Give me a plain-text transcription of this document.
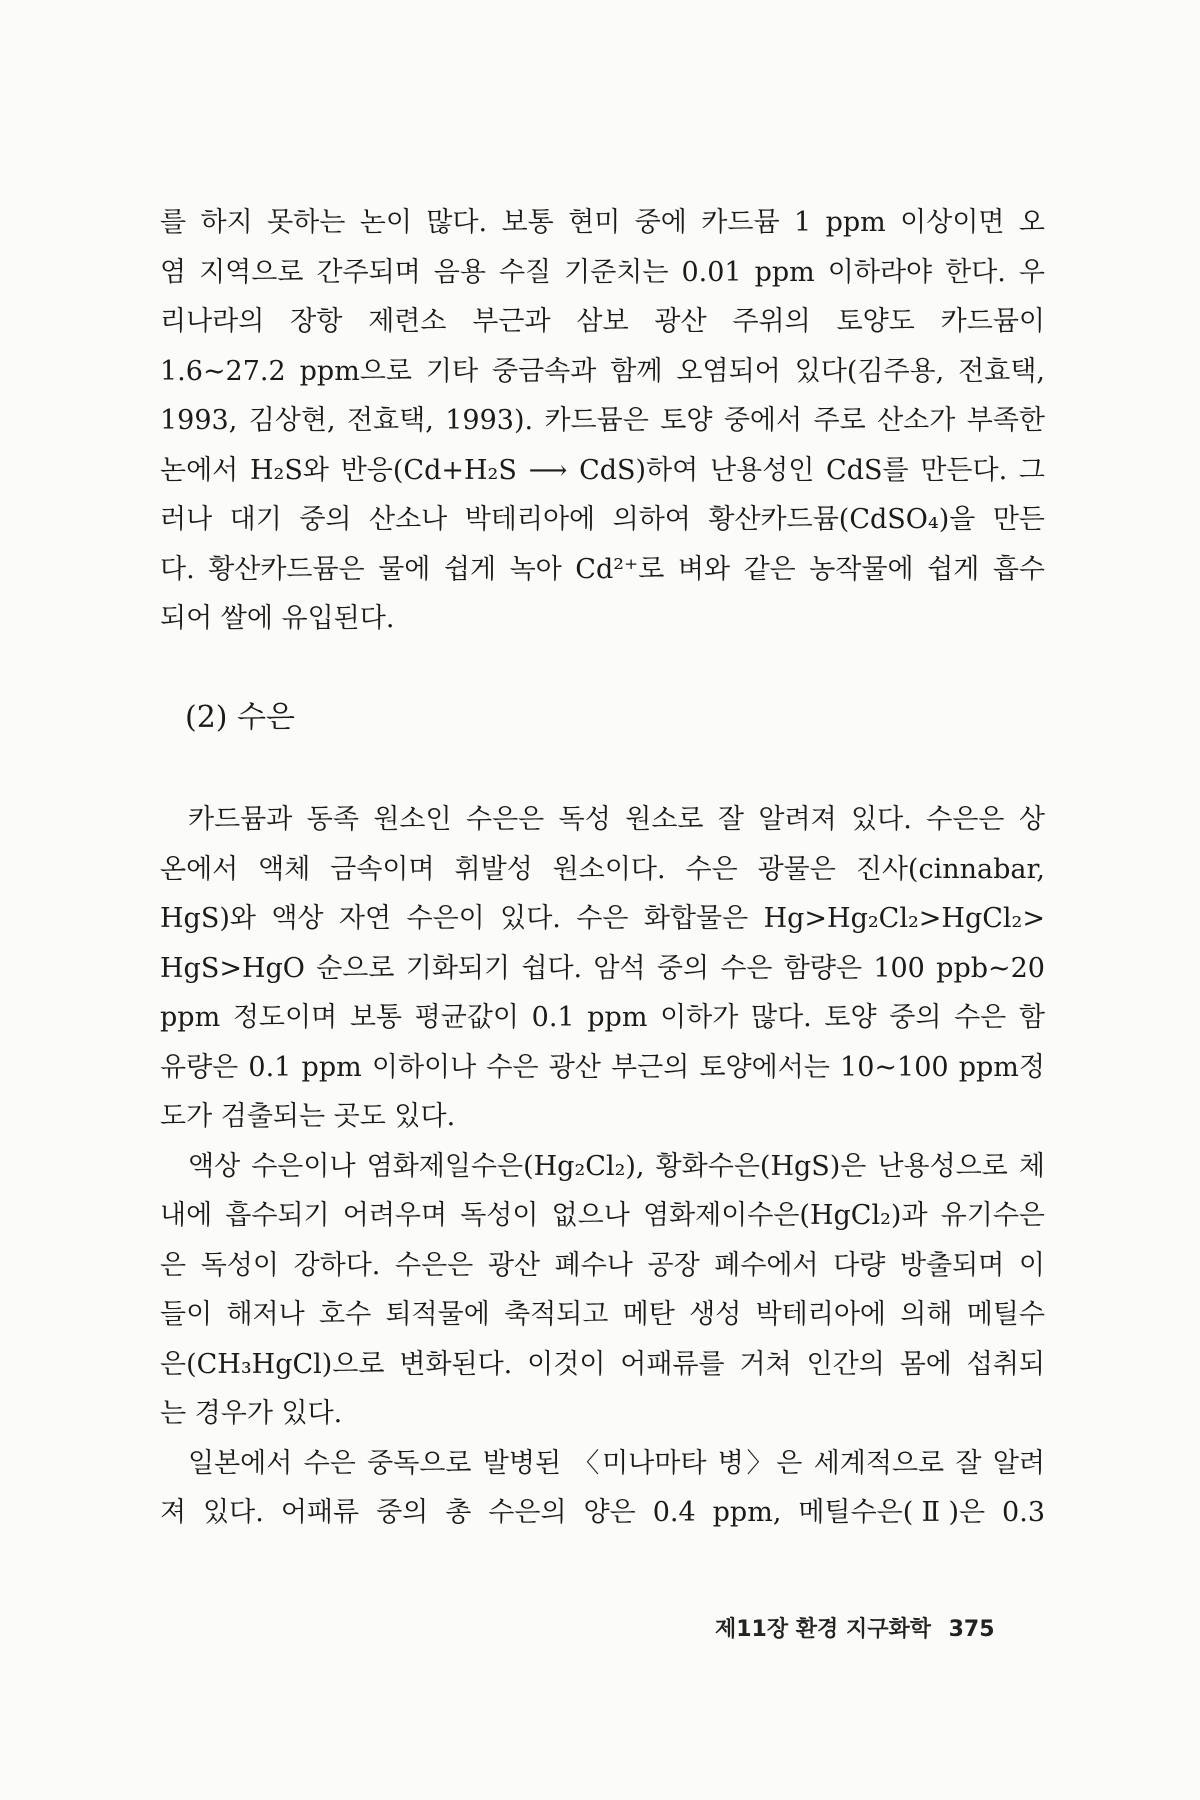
를 하지 못하는 논이 많다. 보통 현미 중에 카드뮴 1 ppm 이상이면 오
염 지역으로 간주되며 음용 수질 기준치는 0.01 ppm 이하라야 한다. 우
리나라의 장항 제련소 부근과 삼보 광산 주위의 토양도 카드뮴이
1.6~27.2 ppm으로 기타 중금속과 함께 오염되어 있다(김주용, 전효택,
1993, 김상현, 전효택, 1993). 카드뮴은 토양 중에서 주로 산소가 부족한
논에서 H₂S와 반응(Cd+H₂S ⟶ CdS)하여 난용성인 CdS를 만든다. 그
러나 대기 중의 산소나 박테리아에 의하여 황산카드뮴(CdSO₄)을 만든
다. 황산카드뮴은 물에 쉽게 녹아 Cd²⁺로 벼와 같은 농작물에 쉽게 흡수
되어 쌀에 유입된다.
(2) 수은
카드뮴과 동족 원소인 수은은 독성 원소로 잘 알려져 있다. 수은은 상
온에서 액체 금속이며 휘발성 원소이다. 수은 광물은 진사(cinnabar,
HgS)와 액상 자연 수은이 있다. 수은 화합물은 Hg>Hg₂Cl₂>HgCl₂>
HgS>HgO 순으로 기화되기 쉽다. 암석 중의 수은 함량은 100 ppb~20
ppm 정도이며 보통 평균값이 0.1 ppm 이하가 많다. 토양 중의 수은 함
유량은 0.1 ppm 이하이나 수은 광산 부근의 토양에서는 10~100 ppm정
도가 검출되는 곳도 있다.
액상 수은이나 염화제일수은(Hg₂Cl₂), 황화수은(HgS)은 난용성으로 체
내에 흡수되기 어려우며 독성이 없으나 염화제이수은(HgCl₂)과 유기수은
은 독성이 강하다. 수은은 광산 폐수나 공장 폐수에서 다량 방출되며 이
들이 해저나 호수 퇴적물에 축적되고 메탄 생성 박테리아에 의해 메틸수
은(CH₃HgCl)으로 변화된다. 이것이 어패류를 거쳐 인간의 몸에 섭취되
는 경우가 있다.
일본에서 수은 중독으로 발병된 〈미나마타 병〉은 세계적으로 잘 알려
져 있다. 어패류 중의 총 수은의 양은 0.4 ppm, 메틸수은(Ⅱ)은 0.3
제11장 환경 지구화학 375
